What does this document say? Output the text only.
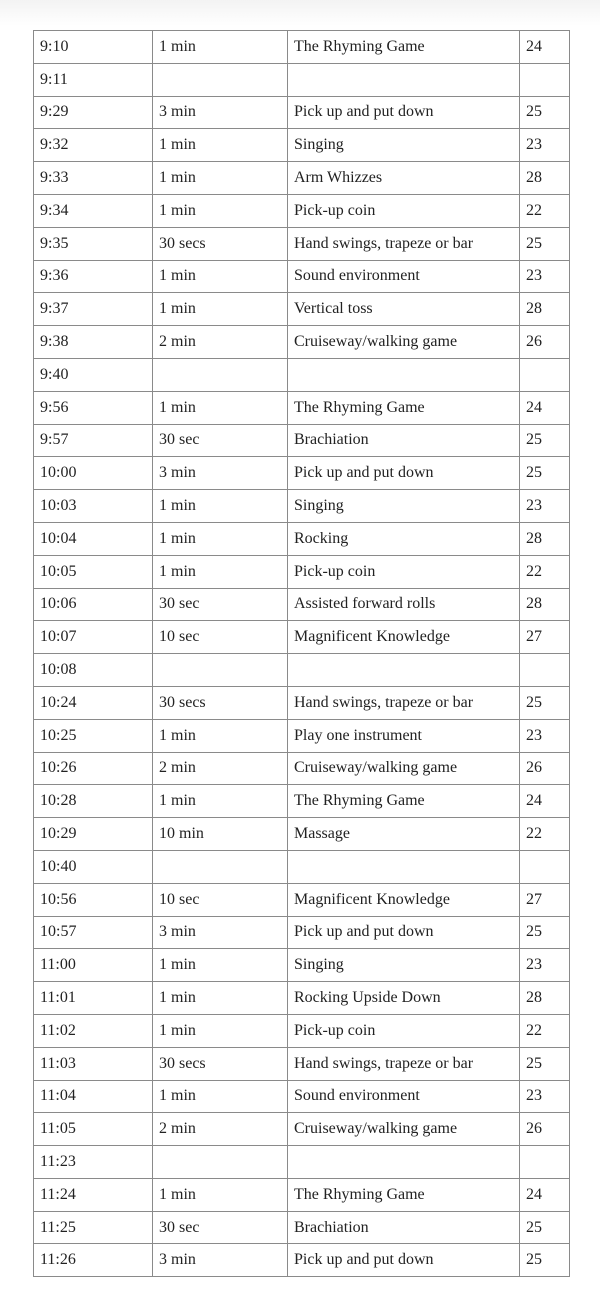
9:10	1 min	The Rhyming Game	24
9:11			
9:29	3 min	Pick up and put down	25
9:32	1 min	Singing	23
9:33	1 min	Arm Whizzes	28
9:34	1 min	Pick-up coin	22
9:35	30 secs	Hand swings, trapeze or bar	25
9:36	1 min	Sound environment	23
9:37	1 min	Vertical toss	28
9:38	2 min	Cruiseway/walking game	26
9:40			
9:56	1 min	The Rhyming Game	24
9:57	30 sec	Brachiation	25
10:00	3 min	Pick up and put down	25
10:03	1 min	Singing	23
10:04	1 min	Rocking	28
10:05	1 min	Pick-up coin	22
10:06	30 sec	Assisted forward rolls	28
10:07	10 sec	Magnificent Knowledge	27
10:08			
10:24	30 secs	Hand swings, trapeze or bar	25
10:25	1 min	Play one instrument	23
10:26	2 min	Cruiseway/walking game	26
10:28	1 min	The Rhyming Game	24
10:29	10 min	Massage	22
10:40			
10:56	10 sec	Magnificent Knowledge	27
10:57	3 min	Pick up and put down	25
11:00	1 min	Singing	23
11:01	1 min	Rocking Upside Down	28
11:02	1 min	Pick-up coin	22
11:03	30 secs	Hand swings, trapeze or bar	25
11:04	1 min	Sound environment	23
11:05	2 min	Cruiseway/walking game	26
11:23			
11:24	1 min	The Rhyming Game	24
11:25	30 sec	Brachiation	25
11:26	3 min	Pick up and put down	25
